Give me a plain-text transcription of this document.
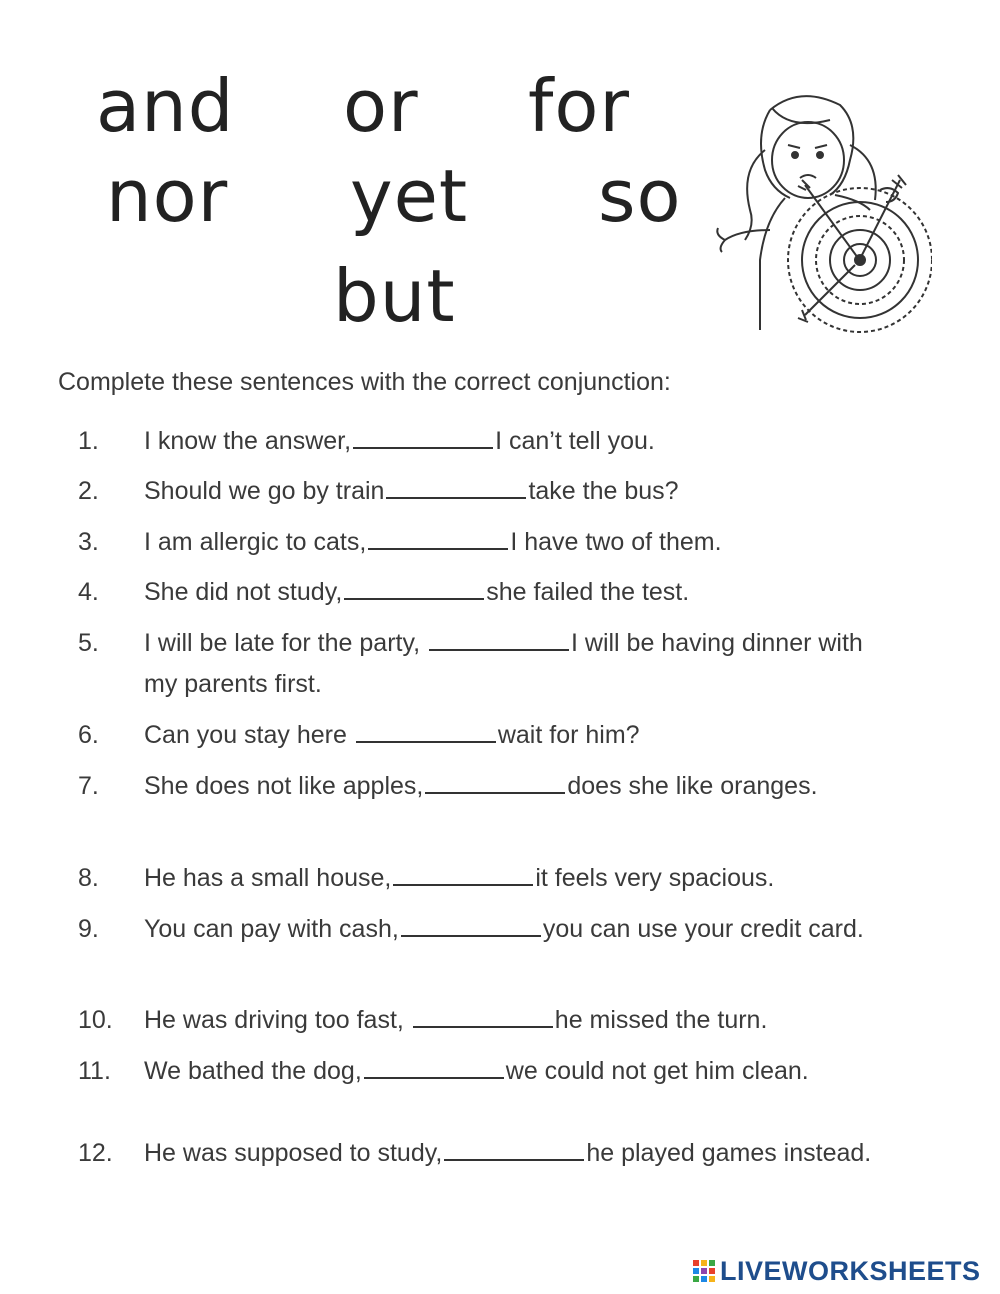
and or for
nor yet so
but
Complete these sentences with the correct conjunction:
1.	I know the answer,	I can’t tell you.
2.	Should we go by train	take the bus?
3.	I am allergic to cats,	I have two of them.
4.	She did not study,	she failed the test.
5.	I will be late for the party,	I will be having dinner with my parents first.
6.	Can you stay here	wait for him?
7.	She does not like apples,	does she like oranges.
8.	He has a small house,	it feels very spacious.
9.	You can pay with cash,	you can use your credit card.
10.	He was driving too fast,	he missed the turn.
11.	We bathed the dog,	we could not get him clean.
12.	He was supposed to study,	he played games instead.
LIVEWORKSHEETS
